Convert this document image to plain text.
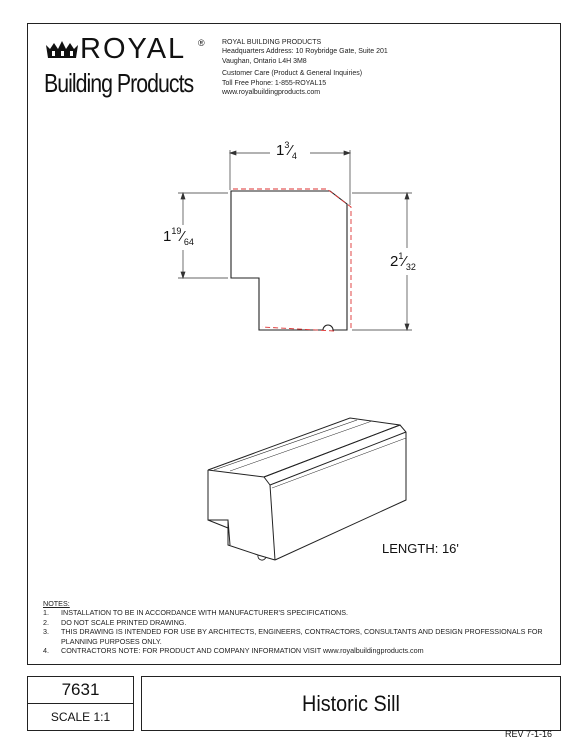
ROYAL ®
Building Products
ROYAL BUILDING PRODUCTS
Headquarters Address: 10 Roybridge Gate, Suite 201
Vaughan, Ontario L4H 3M8
Customer Care (Product & General Inquiries)
Toll Free Phone: 1-855-ROYAL15
www.royalbuildingproducts.com
$1^3⁄_4$
$1^{19}⁄_{64}$
$2^1⁄_{32}$
LENGTH: 16'
NOTES:
1.	INSTALLATION TO BE IN ACCORDANCE WITH MANUFACTURER'S SPECIFICATIONS.
2.	DO NOT SCALE PRINTED DRAWING.
3.	THIS DRAWING IS INTENDED FOR USE BY ARCHITECTS, ENGINEERS, CONTRACTORS, CONSULTANTS AND DESIGN PROFESSIONALS FOR PLANNING PURPOSES ONLY.
4.	CONTRACTORS NOTE: FOR PRODUCT AND COMPANY INFORMATION VISIT www.royalbuildingproducts.com
7631
SCALE 1:1
Historic Sill
REV 7-1-16
